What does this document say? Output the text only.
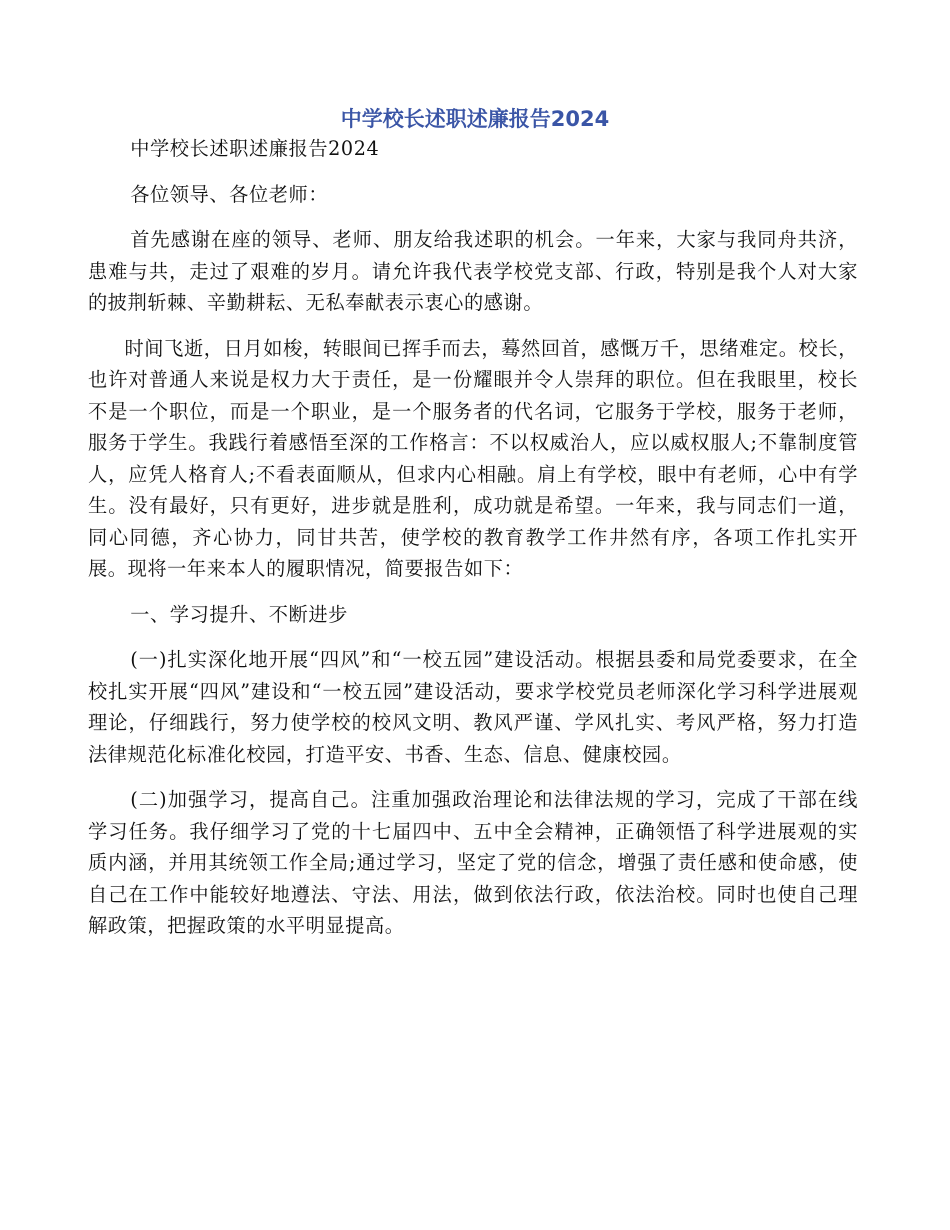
中学校长述职述廉报告2024

中学校长述职述廉报告2024

各位领导、各位老师：

首先感谢在座的领导、老师、朋友给我述职的机会。一年来，大家与我同舟共济，患难与共，走过了艰难的岁月。请允许我代表学校党支部、行政，特别是我个人对大家的披荆斩棘、辛勤耕耘、无私奉献表示衷心的感谢。

时间飞逝，日月如梭，转眼间已挥手而去，蓦然回首，感慨万千，思绪难定。校长，也许对普通人来说是权力大于责任，是一份耀眼并令人崇拜的职位。但在我眼里，校长不是一个职位，而是一个职业，是一个服务者的代名词，它服务于学校，服务于老师，服务于学生。我践行着感悟至深的工作格言：不以权威治人，应以威权服人;不靠制度管人，应凭人格育人;不看表面顺从，但求内心相融。肩上有学校，眼中有老师，心中有学生。没有最好，只有更好，进步就是胜利，成功就是希望。一年来，我与同志们一道，同心同德，齐心协力，同甘共苦，使学校的教育教学工作井然有序，各项工作扎实开展。现将一年来本人的履职情况，简要报告如下：

一、学习提升、不断进步

(一)扎实深化地开展“四风”和“一校五园”建设活动。根据县委和局党委要求，在全校扎实开展“四风”建设和“一校五园”建设活动，要求学校党员老师深化学习科学进展观理论，仔细践行，努力使学校的校风文明、教风严谨、学风扎实、考风严格，努力打造法律规范化标准化校园，打造平安、书香、生态、信息、健康校园。

(二)加强学习，提高自己。注重加强政治理论和法律法规的学习，完成了干部在线学习任务。我仔细学习了党的十七届四中、五中全会精神，正确领悟了科学进展观的实质内涵，并用其统领工作全局;通过学习，坚定了党的信念，增强了责任感和使命感，使自己在工作中能较好地遵法、守法、用法，做到依法行政，依法治校。同时也使自己理解政策，把握政策的水平明显提高。
